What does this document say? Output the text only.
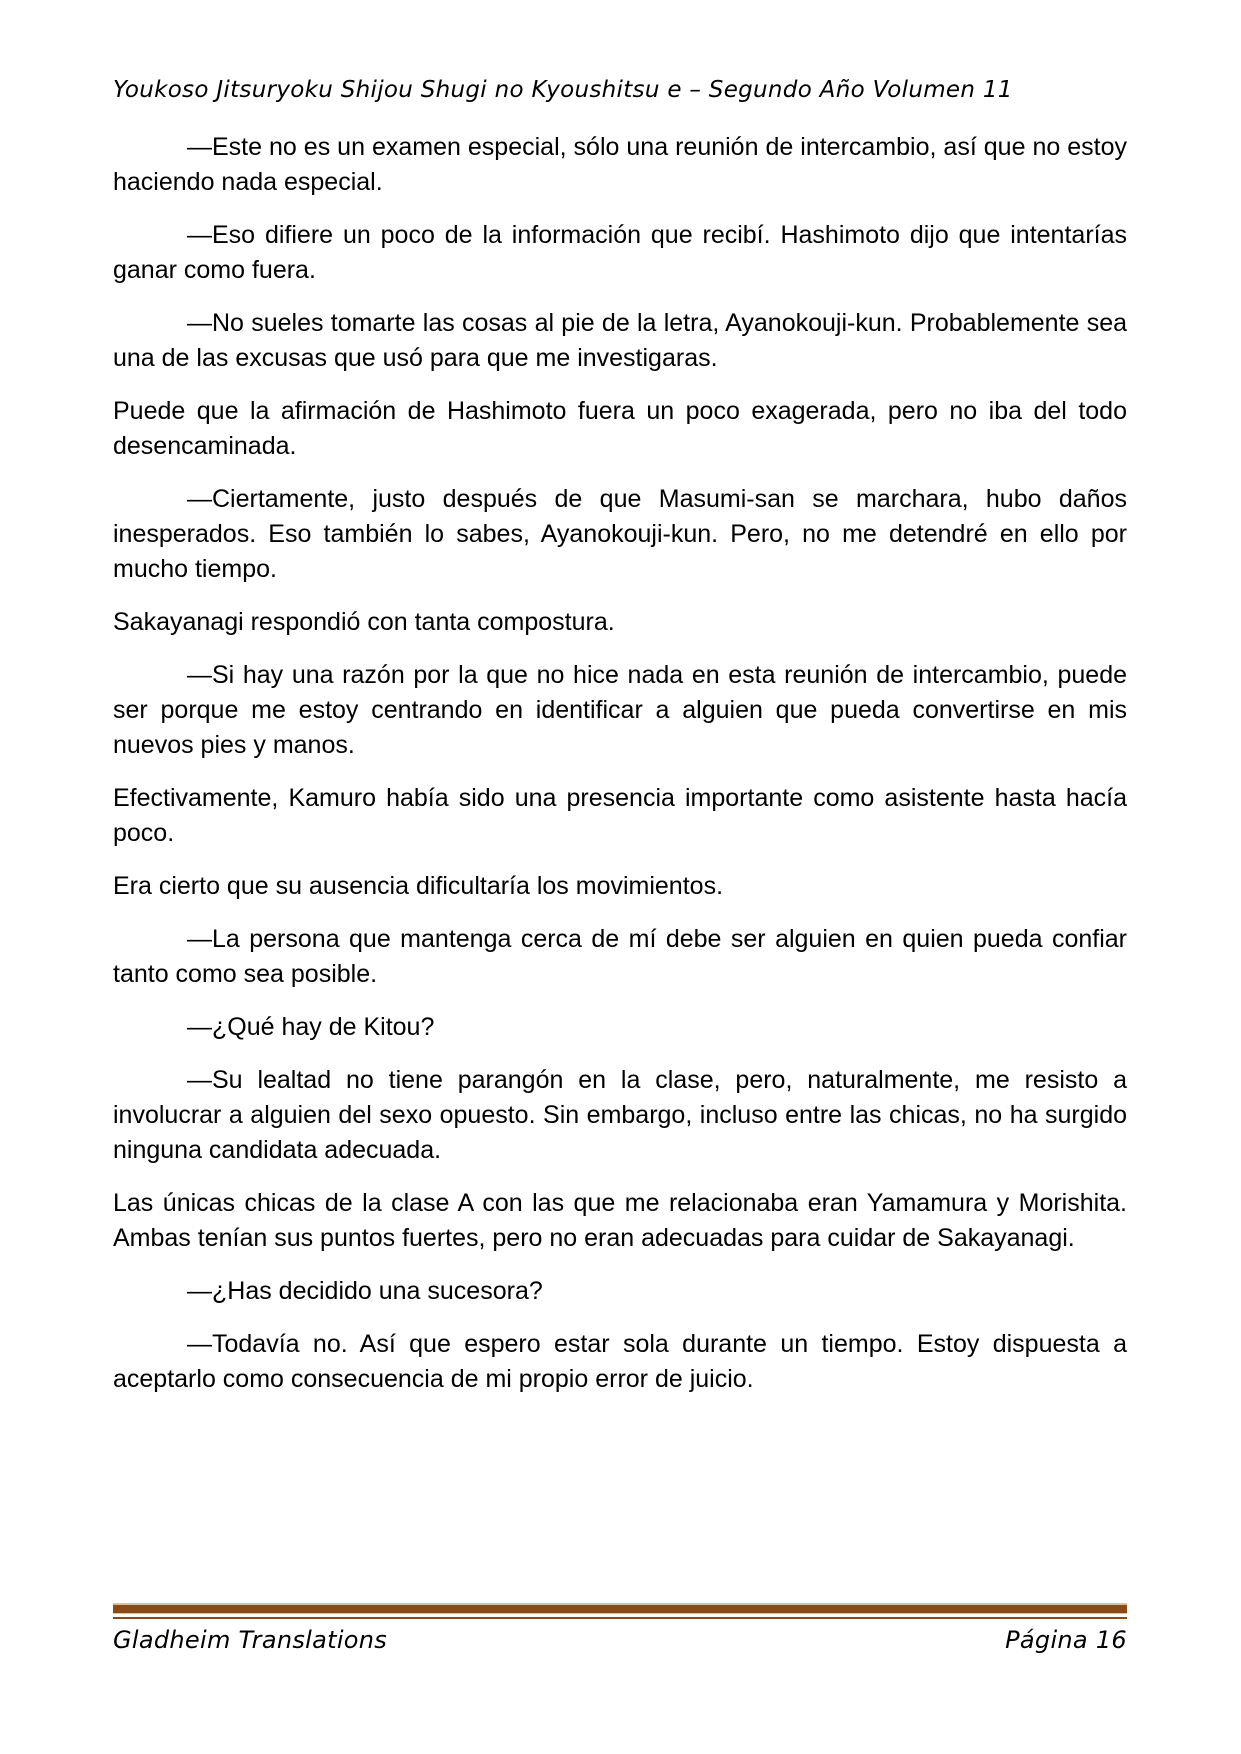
Youkoso Jitsuryoku Shijou Shugi no Kyoushitsu e – Segundo Año Volumen 11

—Este no es un examen especial, sólo una reunión de intercambio, así que no estoy haciendo nada especial.

—Eso difiere un poco de la información que recibí. Hashimoto dijo que intentarías ganar como fuera.

—No sueles tomarte las cosas al pie de la letra, Ayanokouji-kun. Probablemente sea una de las excusas que usó para que me investigaras.

Puede que la afirmación de Hashimoto fuera un poco exagerada, pero no iba del todo desencaminada.

—Ciertamente, justo después de que Masumi-san se marchara, hubo daños inesperados. Eso también lo sabes, Ayanokouji-kun. Pero, no me detendré en ello por mucho tiempo.

Sakayanagi respondió con tanta compostura.

—Si hay una razón por la que no hice nada en esta reunión de intercambio, puede ser porque me estoy centrando en identificar a alguien que pueda convertirse en mis nuevos pies y manos.

Efectivamente, Kamuro había sido una presencia importante como asistente hasta hacía poco.

Era cierto que su ausencia dificultaría los movimientos.

—La persona que mantenga cerca de mí debe ser alguien en quien pueda confiar tanto como sea posible.

—¿Qué hay de Kitou?

—Su lealtad no tiene parangón en la clase, pero, naturalmente, me resisto a involucrar a alguien del sexo opuesto. Sin embargo, incluso entre las chicas, no ha surgido ninguna candidata adecuada.

Las únicas chicas de la clase A con las que me relacionaba eran Yamamura y Morishita. Ambas tenían sus puntos fuertes, pero no eran adecuadas para cuidar de Sakayanagi.

—¿Has decidido una sucesora?

—Todavía no. Así que espero estar sola durante un tiempo. Estoy dispuesta a aceptarlo como consecuencia de mi propio error de juicio.

Gladheim Translations	Página 16
